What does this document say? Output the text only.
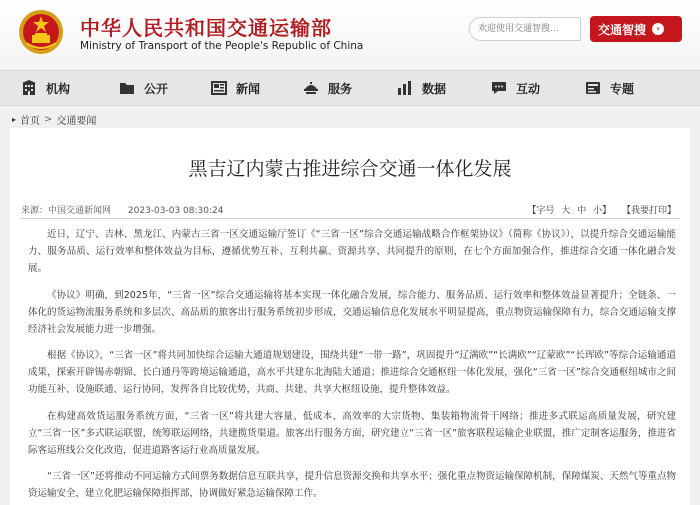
中华人民共和国交通运输部
Ministry of Transport of the People's Republic of China
欢迎使用交通智搜...
交通智搜	›
机构	公开	新闻	服务	数据	互动	专题
▸ 首页 > 交通要闻
黑吉辽内蒙古推进综合交通一体化发展
来源：中国交通新闻网 2023-03-03 08:30:24	【字号 大 中 小】 【我要打印】

近日，辽宁、吉林、黑龙江、内蒙古三省一区交通运输厅签订《“三省一区”综合交通运输战略合作框架协议》（简称《协议》），以提升综合交通运输能力、服务品质、运行效率和整体效益为目标，遵循优势互补、互利共赢、资源共享、共同提升的原则，在七个方面加强合作，推进综合交通一体化融合发展。

《协议》明确，到2025年，“三省一区”综合交通运输将基本实现一体化融合发展，综合能力、服务品质、运行效率和整体效益显著提升；全链条、一体化的货运物流服务系统和多层次、高品质的旅客出行服务系统初步形成，交通运输信息化发展水平明显提高，重点物资运输保障有力，综合交通运输支撑经济社会发展能力进一步增强。

根据《协议》，“三省一区”将共同加快综合运输大通道规划建设，围绕共建“一带一路”，巩固提升“辽满欧”“长满欧”“辽蒙欧”“长珲欧”等综合运输通道成果，探索开辟锡赤朝锦、长白通丹等跨境运输通道，高水平共建东北海陆大通道；推进综合交通枢纽一体化发展，强化“三省一区”综合交通枢纽城市之间功能互补、设施联通、运行协同，发挥各自比较优势，共商、共建、共享大枢纽设施，提升整体效益。

在构建高效货运服务系统方面，“三省一区”将共建大容量、低成本、高效率的大宗货物、集装箱物流骨干网络；推进多式联运高质量发展，研究建立“三省一区”多式联运联盟，统筹联运网络，共建揽货渠道。旅客出行服务方面，研究建立“三省一区”旅客联程运输企业联盟，推广定制客运服务，推进省际客运班线公交化改造，促进道路客运行业高质量发展。

“三省一区”还将推动不同运输方式间票务数据信息互联共享，提升信息资源交换和共享水平；强化重点物资运输保障机制，保障煤炭、天然气等重点物资运输安全，建立化肥运输保障指挥部，协调做好紧急运输保障工作。
